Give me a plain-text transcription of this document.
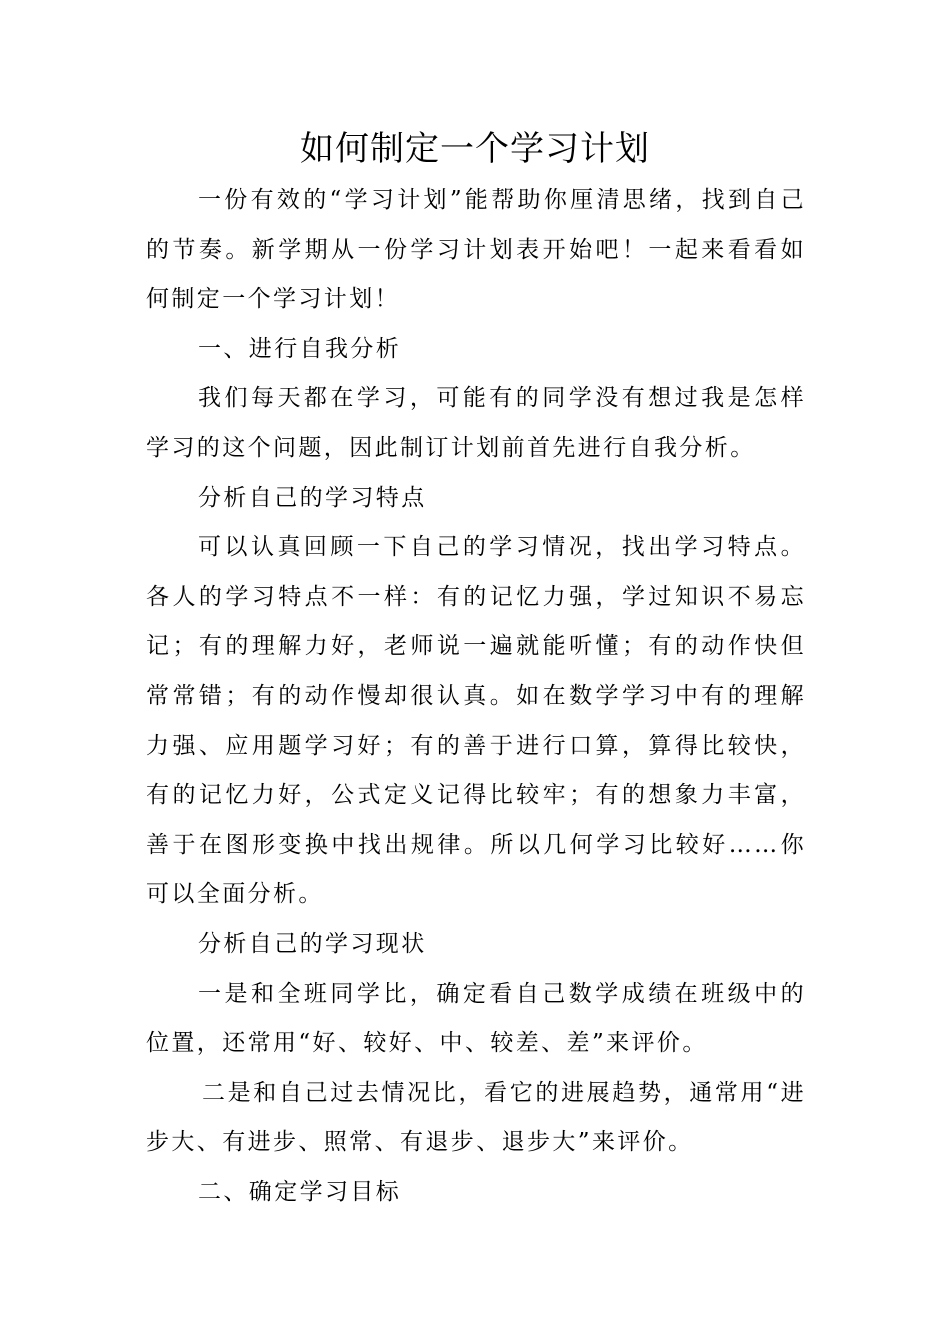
如何制定一个学习计划

一份有效的“学习计划”能帮助你厘清思绪，找到自己的节奏。新学期从一份学习计划表开始吧！一起来看看如何制定一个学习计划！

一、进行自我分析

我们每天都在学习，可能有的同学没有想过我是怎样学习的这个问题，因此制订计划前首先进行自我分析。

分析自己的学习特点

可以认真回顾一下自己的学习情况，找出学习特点。各人的学习特点不一样：有的记忆力强，学过知识不易忘记；有的理解力好，老师说一遍就能听懂；有的动作快但常常错；有的动作慢却很认真。如在数学学习中有的理解力强、应用题学习好；有的善于进行口算，算得比较快，有的记忆力好，公式定义记得比较牢；有的想象力丰富，善于在图形变换中找出规律。所以几何学习比较好……你可以全面分析。

分析自己的学习现状

一是和全班同学比，确定看自己数学成绩在班级中的位置，还常用“好、较好、中、较差、差”来评价。

二是和自己过去情况比，看它的进展趋势，通常用“进步大、有进步、照常、有退步、退步大”来评价。

二、确定学习目标
